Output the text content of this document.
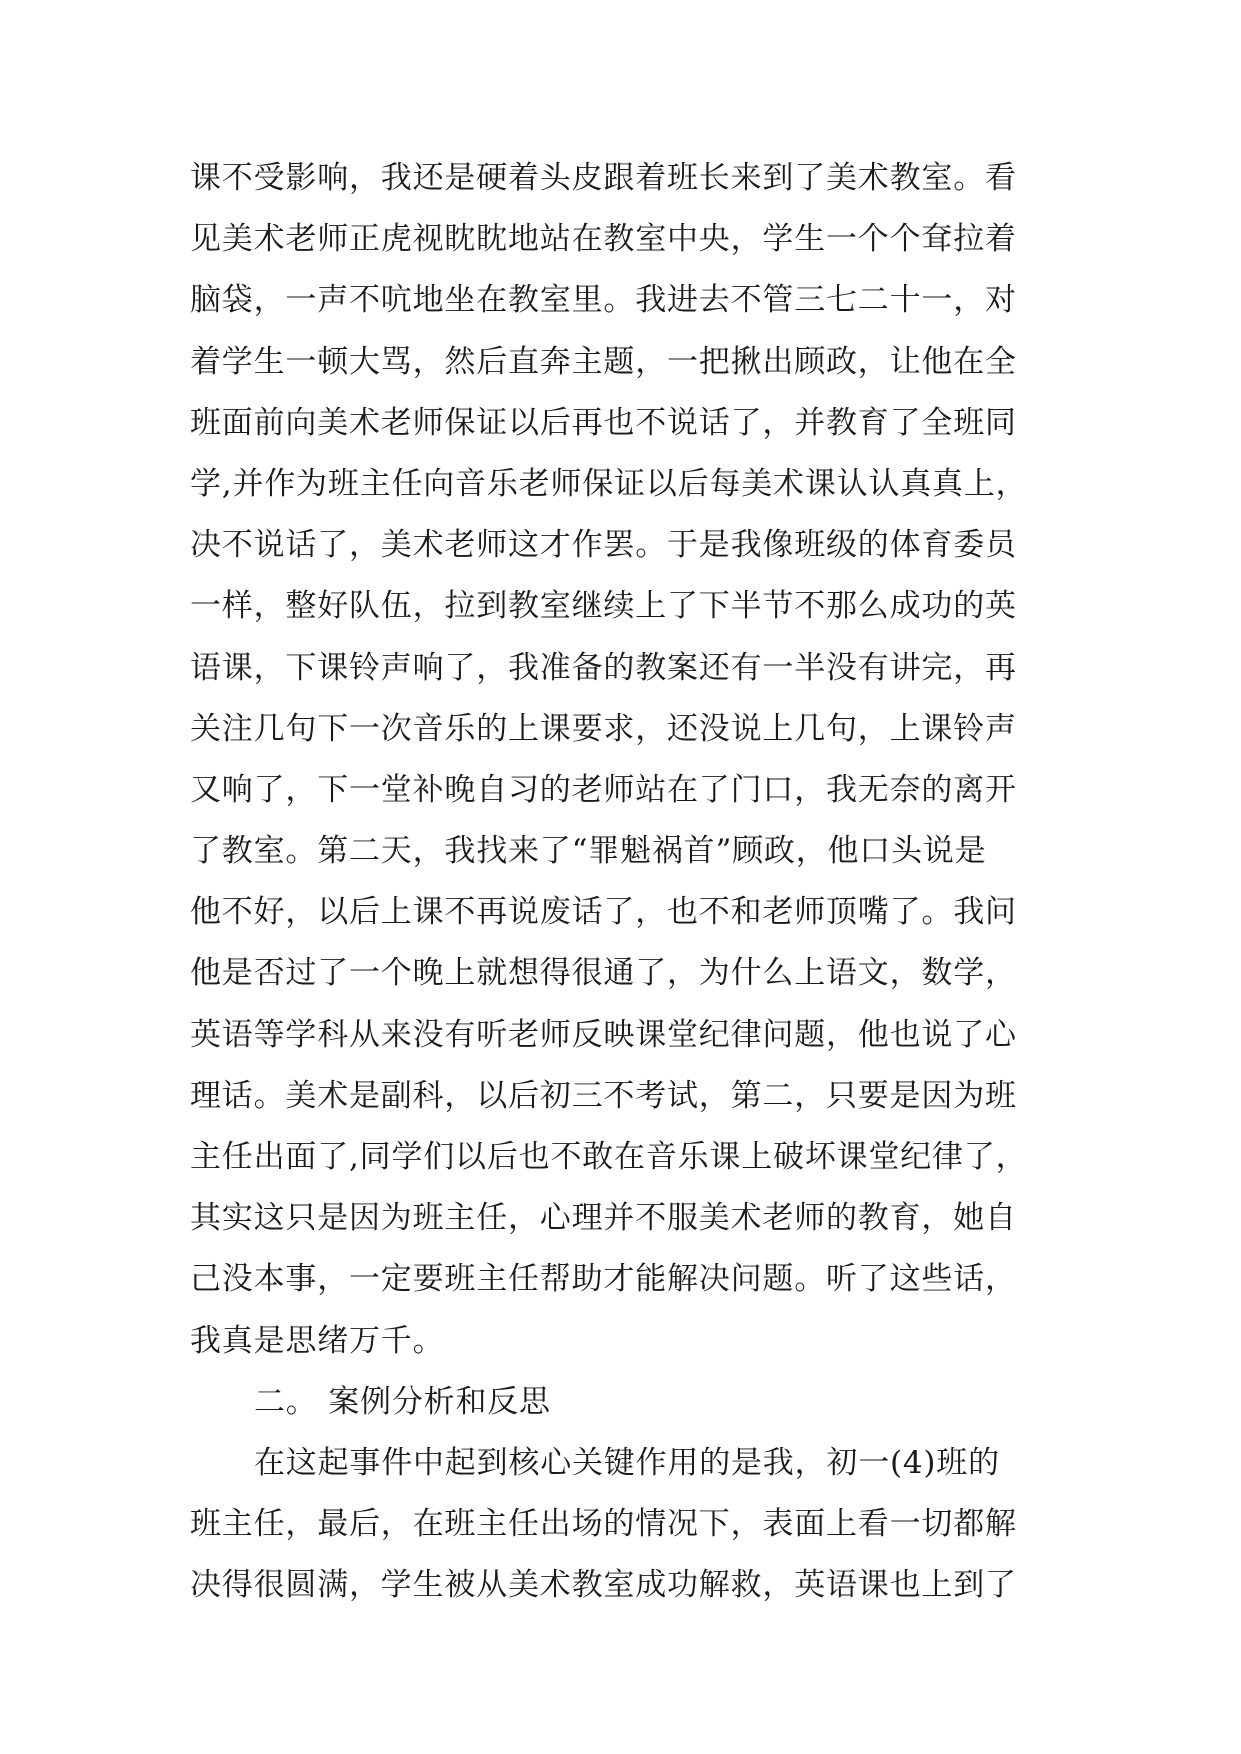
课不受影响，我还是硬着头皮跟着班长来到了美术教室。看
见美术老师正虎视眈眈地站在教室中央，学生一个个耷拉着
脑袋，一声不吭地坐在教室里。我进去不管三七二十一，对
着学生一顿大骂，然后直奔主题，一把揪出顾政，让他在全
班面前向美术老师保证以后再也不说话了，并教育了全班同
学,并作为班主任向音乐老师保证以后每美术课认认真真上，
决不说话了，美术老师这才作罢。于是我像班级的体育委员
一样，整好队伍，拉到教室继续上了下半节不那么成功的英
语课，下课铃声响了，我准备的教案还有一半没有讲完，再
关注几句下一次音乐的上课要求，还没说上几句，上课铃声
又响了，下一堂补晚自习的老师站在了门口，我无奈的离开
了教室。第二天，我找来了“罪魁祸首”顾政，他口头说是
他不好，以后上课不再说废话了，也不和老师顶嘴了。我问
他是否过了一个晚上就想得很通了，为什么上语文，数学，
英语等学科从来没有听老师反映课堂纪律问题，他也说了心
理话。美术是副科，以后初三不考试，第二，只要是因为班
主任出面了,同学们以后也不敢在音乐课上破坏课堂纪律了，
其实这只是因为班主任，心理并不服美术老师的教育，她自
己没本事，一定要班主任帮助才能解决问题。听了这些话，
我真是思绪万千。
二。 案例分析和反思
在这起事件中起到核心关键作用的是我，初一(4)班的
班主任，最后，在班主任出场的情况下，表面上看一切都解
决得很圆满，学生被从美术教室成功解救，英语课也上到了
